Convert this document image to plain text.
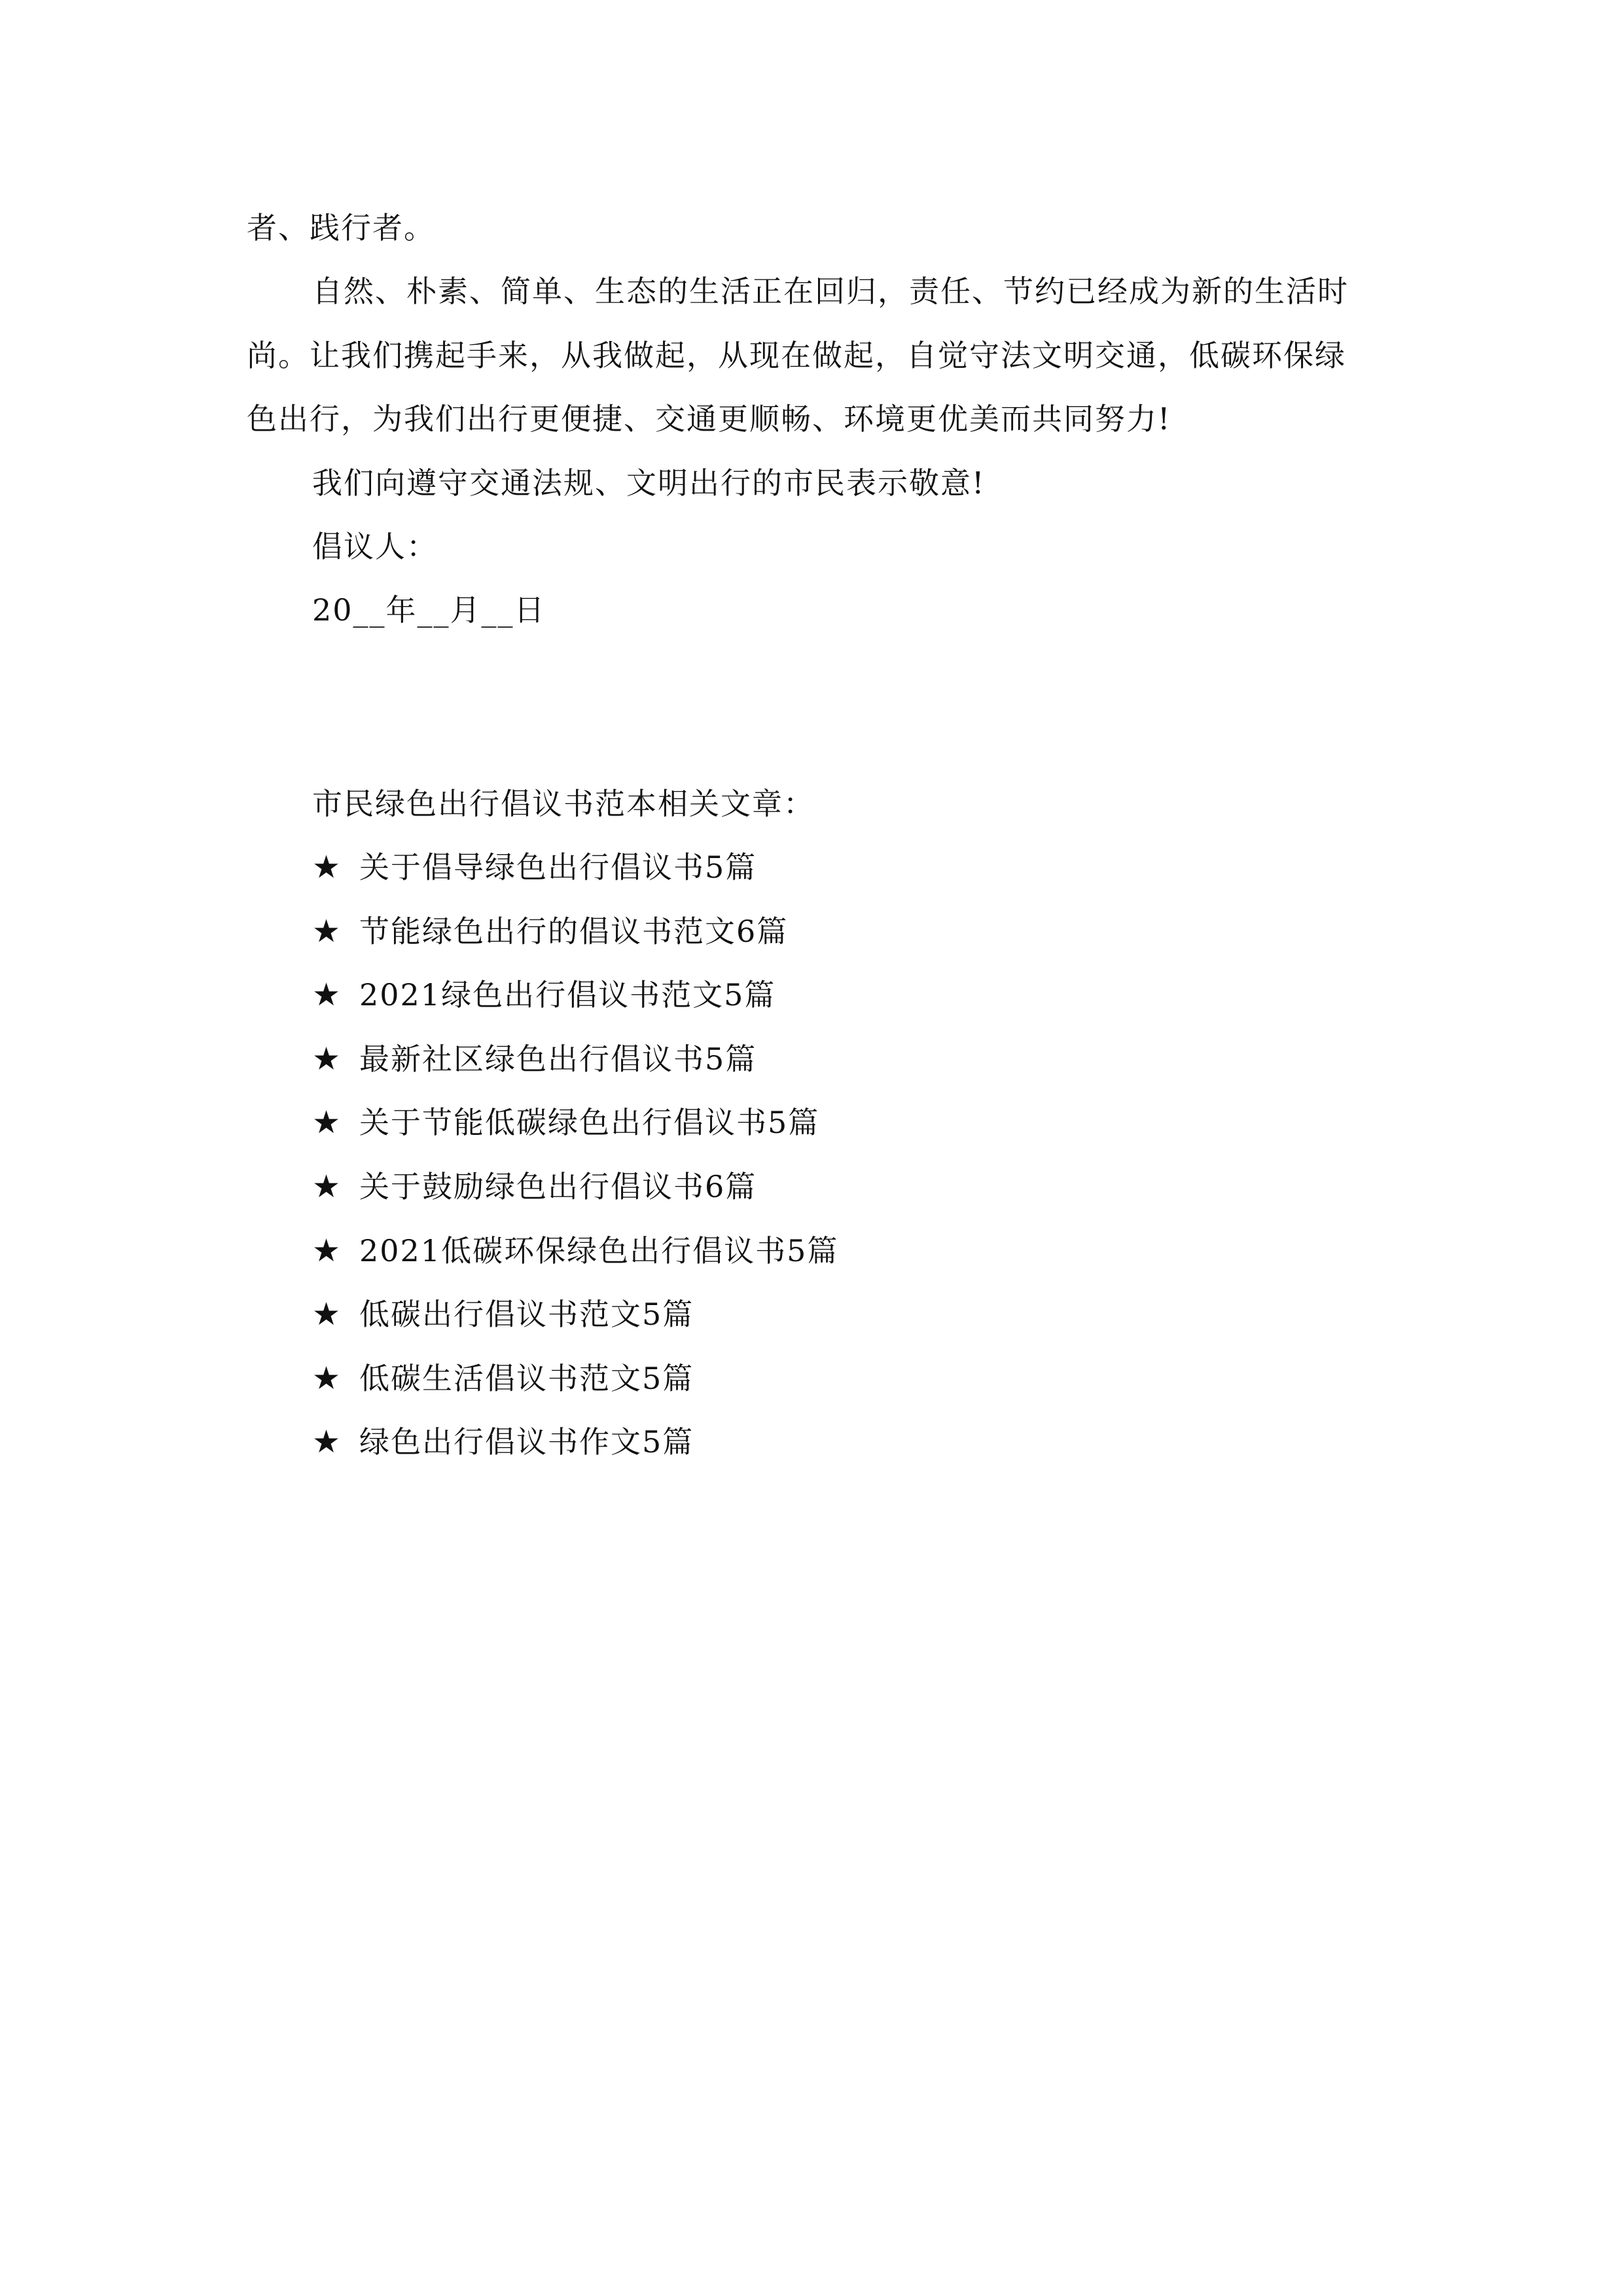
者、践行者。
自然、朴素、简单、生态的生活正在回归，责任、节约已经成为新的生活时
尚。让我们携起手来，从我做起，从现在做起，自觉守法文明交通，低碳环保绿
色出行，为我们出行更便捷、交通更顺畅、环境更优美而共同努力!
我们向遵守交通法规、文明出行的市民表示敬意!
倡议人：
20__年__月__日
市民绿色出行倡议书范本相关文章：
★ 关于倡导绿色出行倡议书5篇
★ 节能绿色出行的倡议书范文6篇
★ 2021绿色出行倡议书范文5篇
★ 最新社区绿色出行倡议书5篇
★ 关于节能低碳绿色出行倡议书5篇
★ 关于鼓励绿色出行倡议书6篇
★ 2021低碳环保绿色出行倡议书5篇
★ 低碳出行倡议书范文5篇
★ 低碳生活倡议书范文5篇
★ 绿色出行倡议书作文5篇
